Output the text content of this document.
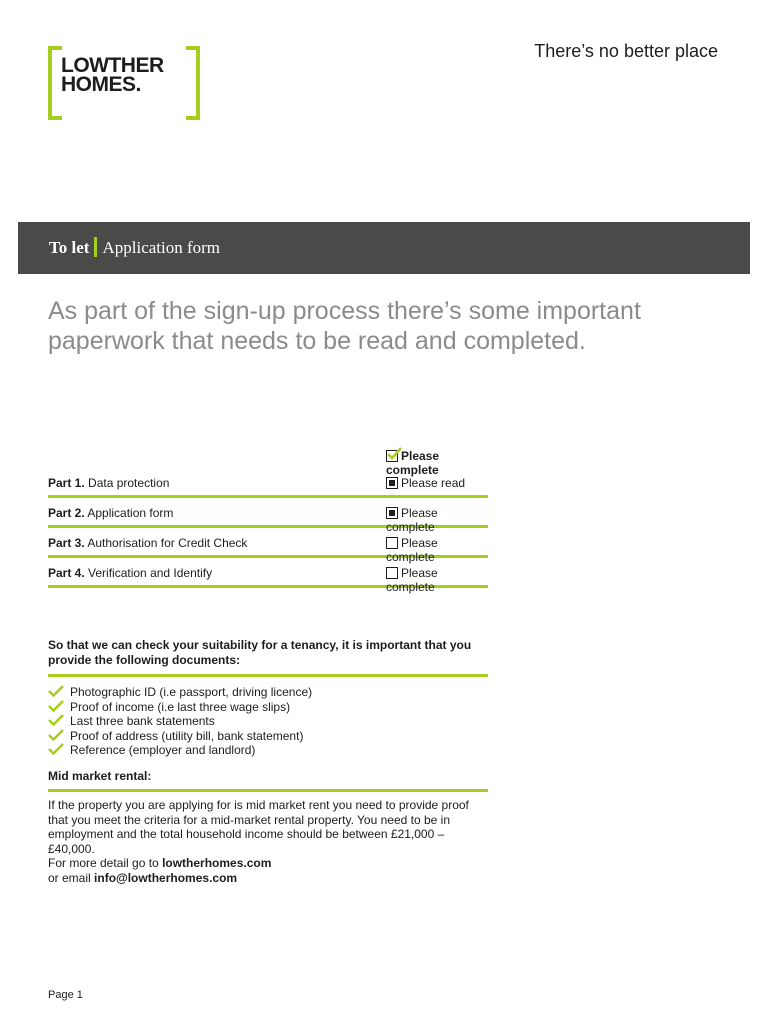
LOWTHER
HOMES.
There’s no better place
To let Application form
As part of the sign-up process there’s some important paperwork that needs to be read and completed.
Please complete
Part 1. Data protection	Please read
Part 2. Application form	Please complete
Part 3. Authorisation for Credit Check	Please complete
Part 4. Verification and Identify	Please complete
So that we can check your suitability for a tenancy, it is important that you provide the following documents:
Photographic ID (i.e passport, driving licence)
Proof of income (i.e last three wage slips)
Last three bank statements
Proof of address (utility bill, bank statement)
Reference (employer and landlord)
Mid market rental:
If the property you are applying for is mid market rent you need to provide proof that you meet the criteria for a mid-market rental property. You need to be in employment and the total household income should be between £21,000 – £40,000.
For more detail go to lowtherhomes.com
or email info@lowtherhomes.com
Page 1
